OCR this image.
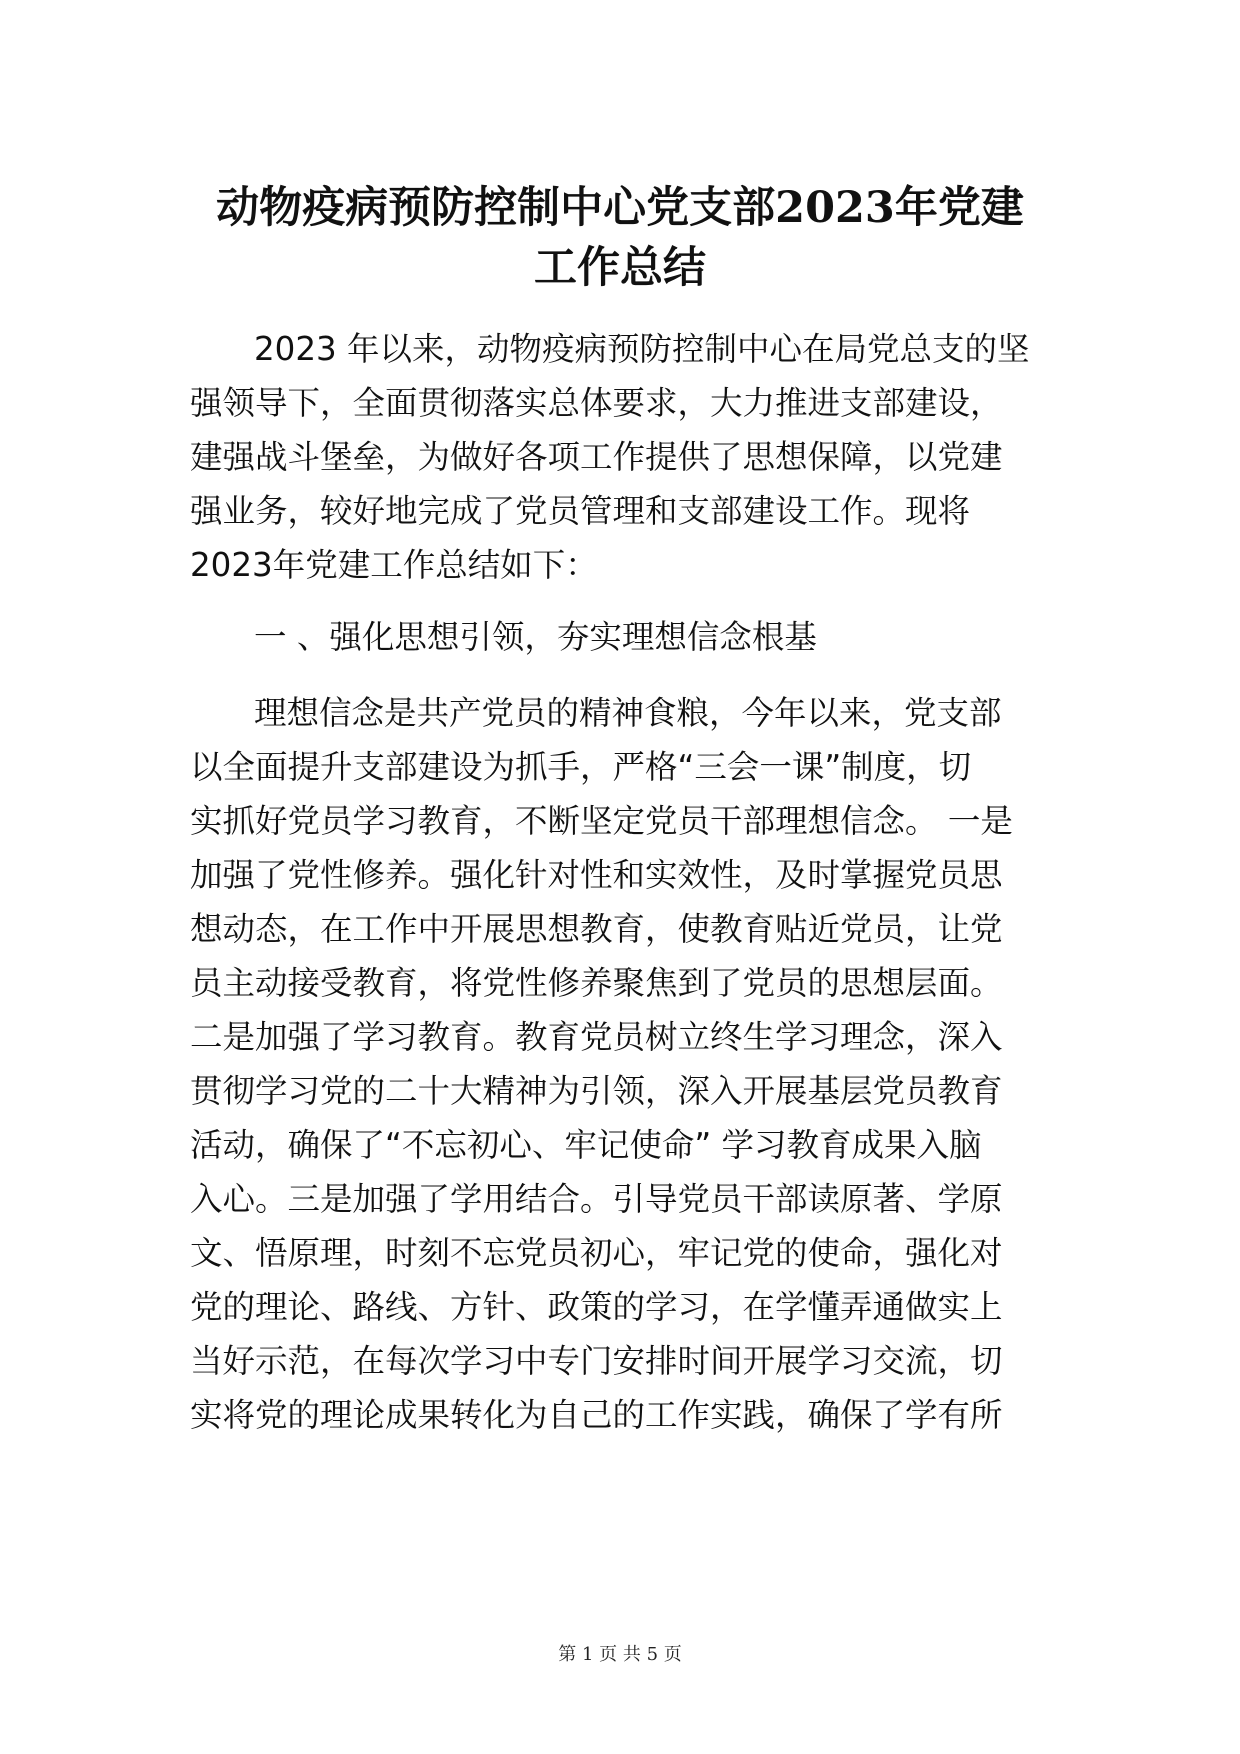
动物疫病预防控制中心党支部2023年党建
工作总结
2023 年以来，动物疫病预防控制中心在局党总支的坚
强领导下，全面贯彻落实总体要求，大力推进支部建设，
建强战斗堡垒，为做好各项工作提供了思想保障，以党建
强业务，较好地完成了党员管理和支部建设工作。现将
2023年党建工作总结如下：
一 、强化思想引领，夯实理想信念根基
理想信念是共产党员的精神食粮，今年以来，党支部
以全面提升支部建设为抓手，严格“三会一课”制度，切
实抓好党员学习教育，不断坚定党员干部理想信念。 一是
加强了党性修养。强化针对性和实效性，及时掌握党员思
想动态，在工作中开展思想教育，使教育贴近党员，让党
员主动接受教育，将党性修养聚焦到了党员的思想层面。
二是加强了学习教育。教育党员树立终生学习理念，深入
贯彻学习党的二十大精神为引领，深入开展基层党员教育
活动，确保了“不忘初心、牢记使命” 学习教育成果入脑
入心。三是加强了学用结合。引导党员干部读原著、学原
文、悟原理，时刻不忘党员初心，牢记党的使命，强化对
党的理论、路线、方针、政策的学习，在学懂弄通做实上
当好示范，在每次学习中专门安排时间开展学习交流，切
实将党的理论成果转化为自己的工作实践，确保了学有所
第 1 页 共 5 页
